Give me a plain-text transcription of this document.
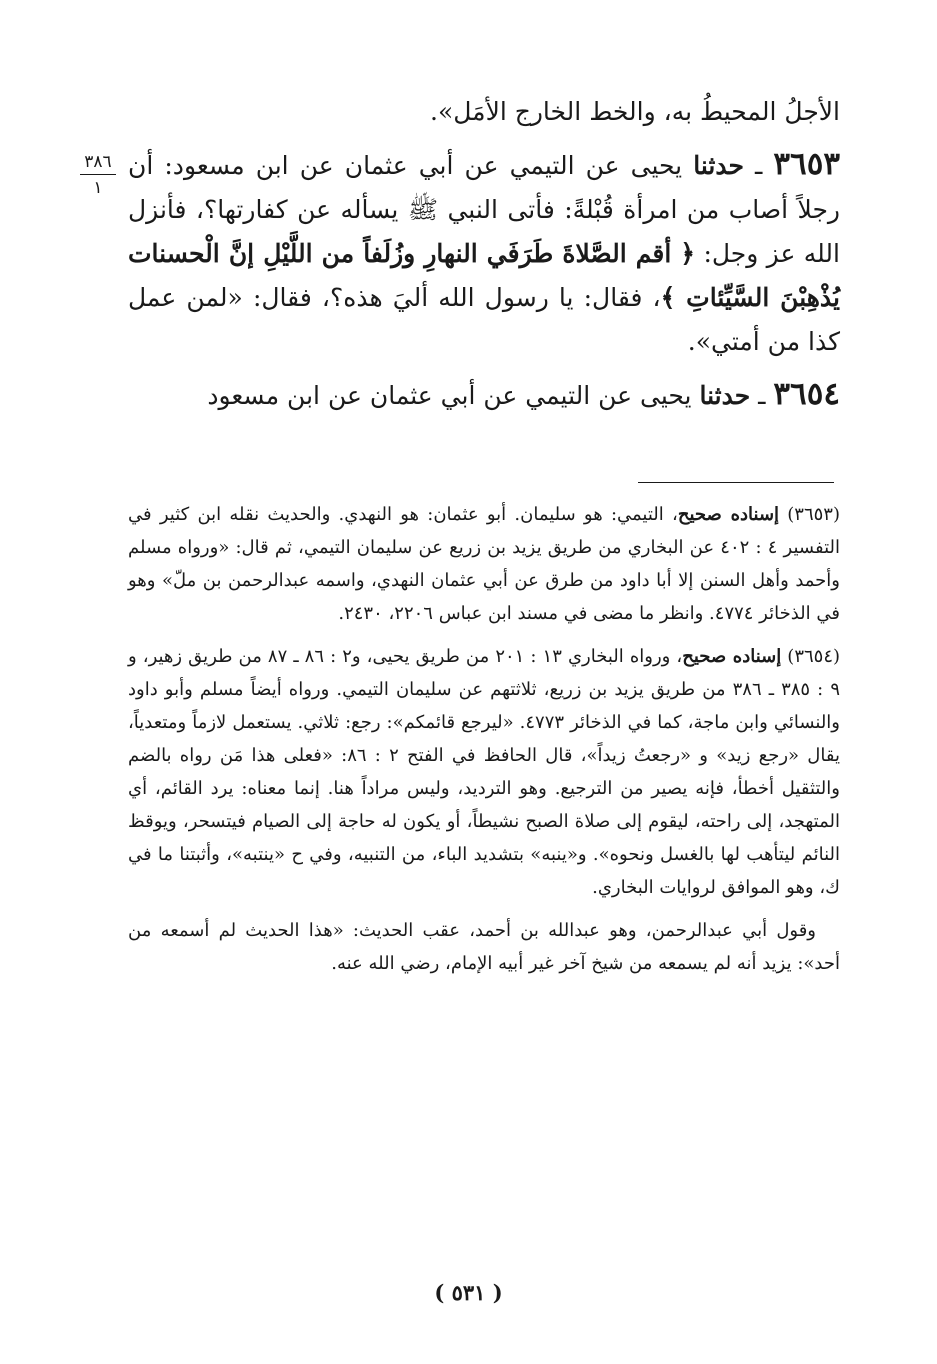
الأجلُ المحيطُ به، والخط الخارج الأمَل».

٣٦٥٣ ـ حدثنا يحيى عن التيمي عن أبي عثمان عن ابن مسعود: أن رجلاً أصاب من امرأة قُبْلةً: فأتى النبي ﷺ يسأله عن كفارتها؟، فأنزل الله عز وجل: ﴿ أقم الصَّلاةَ طَرَفَي النهارِ وزُلَفاً من اللَّيْلِ إنَّ الْحسنات يُذْهِبْنَ السَّيِّئاتِ ﴾، فقال: يا رسول الله أليَ هذه؟، فقال: «لمن عمل كذا من أمتي».

٣٦٥٤ ـ حدثنا يحيى عن التيمي عن أبي عثمان عن ابن مسعود

٣٨٦
١

(٣٦٥٣) إسناده صحيح، التيمي: هو سليمان. أبو عثمان: هو النهدي. والحديث نقله ابن كثير في التفسير ٤ : ٤٠٢ عن البخاري من طريق يزيد بن زريع عن سليمان التيمي، ثم قال: «ورواه مسلم وأحمد وأهل السنن إلا أبا داود من طرق عن أبي عثمان النهدي، واسمه عبدالرحمن بن ملّ» وهو في الذخائر ٤٧٧٤. وانظر ما مضى في مسند ابن عباس ٢٢٠٦، ٢٤٣٠.

(٣٦٥٤) إسناده صحيح، ورواه البخاري ١٣ : ٢٠١ من طريق يحيى، و٢ : ٨٦ ـ ٨٧ من طريق زهير، و ٩ : ٣٨٥ ـ ٣٨٦ من طريق يزيد بن زريع، ثلاثتهم عن سليمان التيمي. ورواه أيضاً مسلم وأبو داود والنسائي وابن ماجة، كما في الذخائر ٤٧٧٣. «ليرجع قائمكم»: رجع: ثلاثي. يستعمل لازماً ومتعدياً، يقال «رجع زيد» و «رجعتُ زيداً»، قال الحافظ في الفتح ٢ : ٨٦: «فعلى هذا مَن رواه بالضم والتثقيل أخطأ، فإنه يصير من الترجيع. وهو الترديد، وليس مراداً هنا. إنما معناه: يرد القائم، أي المتهجد، إلى راحته، ليقوم إلى صلاة الصبح نشيطاً، أو يكون له حاجة إلى الصيام فيتسحر، ويوقظ النائم ليتأهب لها بالغسل ونحوه». و«ينبه» بتشديد الباء، من التنبيه، وفي ح «ينتبه»، وأثبتنا ما في ك، وهو الموافق لروايات البخاري.

وقول أبي عبدالرحمن، وهو عبدالله بن أحمد، عقب الحديث: «هذا الحديث لم أسمعه من أحد»: يزيد أنه لم يسمعه من شيخ آخر غير أبيه الإمام، رضي الله عنه.

( ٥٣١ )
